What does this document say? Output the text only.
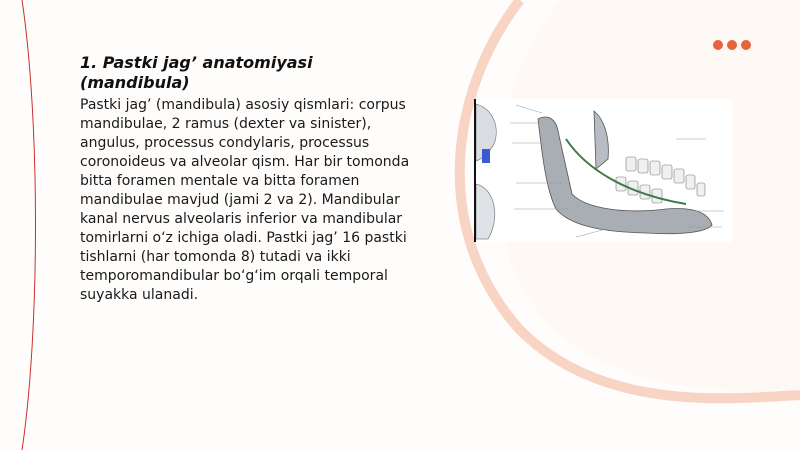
1. Pastki jag’ anatomiyasi (mandibula)

Pastki jag’ (mandibula) asosiy qismlari: corpus mandibulae, 2 ramus (dexter va sinister), angulus, processus condylaris, processus coronoideus va alveolar qism. Har bir tomonda bitta foramen mentale va bitta foramen mandibulae mavjud (jami 2 va 2). Mandibular kanal nervus alveolaris inferior va mandibular tomirlarni o‘z ichiga oladi. Pastki jag’ 16 pastki tishlarni (har tomonda 8) tutadi va ikki temporomandibular bo‘g‘im orqali temporal suyakka ulanadi.
